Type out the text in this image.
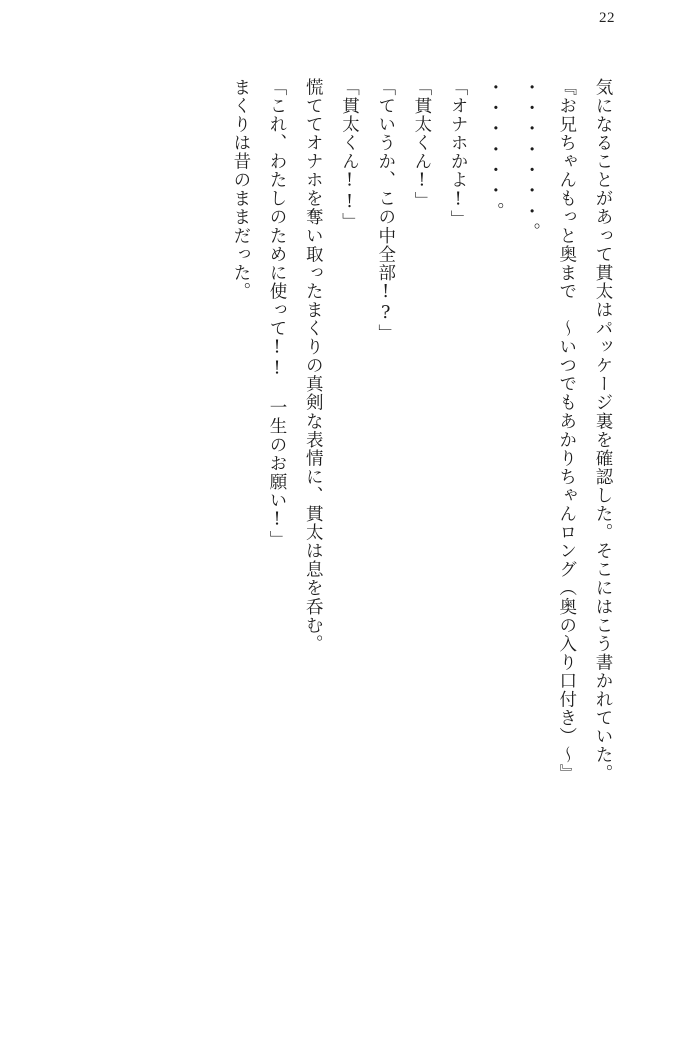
22
気になることがあって貫太はパッケージ裏を確認した。そこにはこう書かれていた。
『お兄ちゃんもっと奥まで　〜いつでもあかりちゃんロング（奥の入り口付き）〜』
・・・・・・・。
・・・・・・。
「オナホかよ!」
「貫太くん!」
「ていうか、この中全部!?」
「貫太くん!!」
慌ててオナホを奪い取ったまくりの真剣な表情に、貫太は息を呑む。
「これ、わたしのために使って!!　一生のお願い!」
まくりは昔のままだった。
